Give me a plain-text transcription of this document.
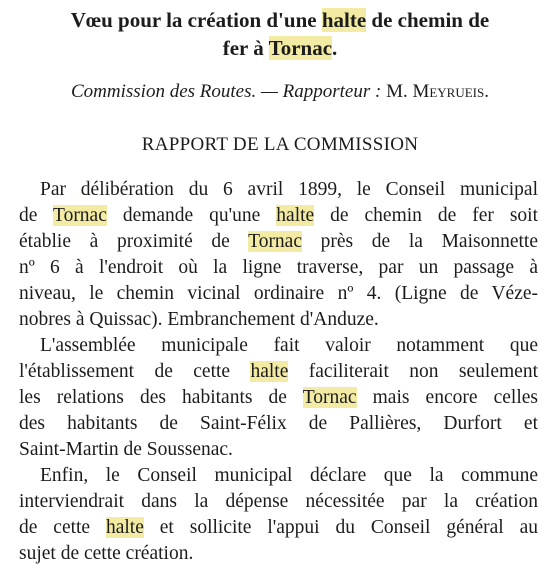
Vœu pour la création d'une halte de chemin de
fer à Tornac.
Commission des Routes. — Rapporteur : M. Meyrueis.
RAPPORT DE LA COMMISSION
Par délibération du 6 avril 1899, le Conseil municipal
de Tornac demande qu'une halte de chemin de fer soit
établie à proximité de Tornac près de la Maisonnette
nº 6 à l'endroit où la ligne traverse, par un passage à
niveau, le chemin vicinal ordinaire nº 4. (Ligne de Véze-
nobres à Quissac). Embranchement d'Anduze.
L'assemblée municipale fait valoir notamment que
l'établissement de cette halte faciliterait non seulement
les relations des habitants de Tornac mais encore celles
des habitants de Saint-Félix de Pallières, Durfort et
Saint-Martin de Soussenac.
Enfin, le Conseil municipal déclare que la commune
interviendrait dans la dépense nécessitée par la création
de cette halte et sollicite l'appui du Conseil général au
sujet de cette création.
